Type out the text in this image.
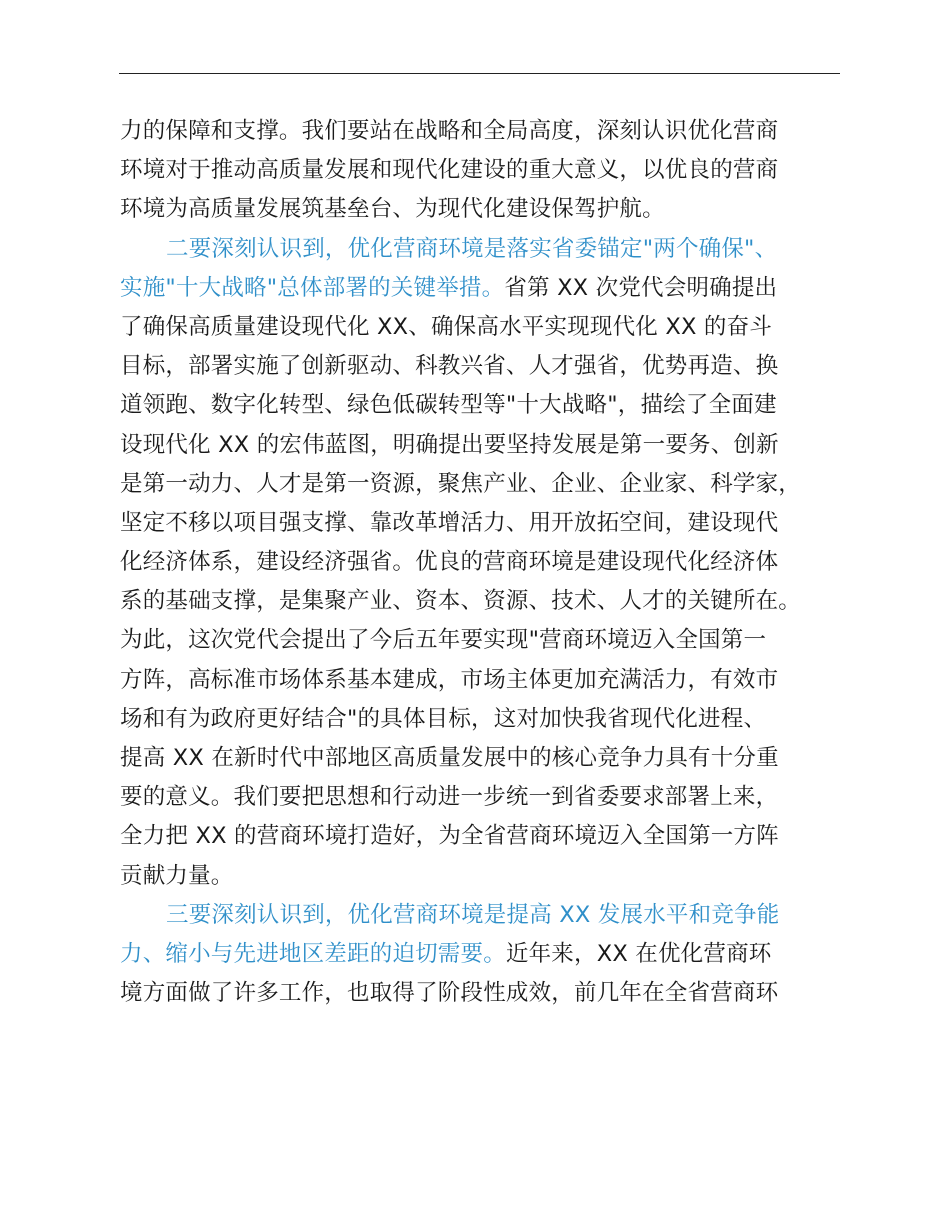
力的保障和支撑。我们要站在战略和全局高度，深刻认识优化营商
环境对于推动高质量发展和现代化建设的重大意义，以优良的营商
环境为高质量发展筑基垒台、为现代化建设保驾护航。
二要深刻认识到，优化营商环境是落实省委锚定"两个确保"、
实施"十大战略"总体部署的关键举措。省第 XX 次党代会明确提出
了确保高质量建设现代化 XX、确保高水平实现现代化 XX 的奋斗
目标，部署实施了创新驱动、科教兴省、人才强省，优势再造、换
道领跑、数字化转型、绿色低碳转型等"十大战略"，描绘了全面建
设现代化 XX 的宏伟蓝图，明确提出要坚持发展是第一要务、创新
是第一动力、人才是第一资源，聚焦产业、企业、企业家、科学家，
坚定不移以项目强支撑、靠改革增活力、用开放拓空间，建设现代
化经济体系，建设经济强省。优良的营商环境是建设现代化经济体
系的基础支撑，是集聚产业、资本、资源、技术、人才的关键所在。
为此，这次党代会提出了今后五年要实现"营商环境迈入全国第一
方阵，高标准市场体系基本建成，市场主体更加充满活力，有效市
场和有为政府更好结合"的具体目标，这对加快我省现代化进程、
提高 XX 在新时代中部地区高质量发展中的核心竞争力具有十分重
要的意义。我们要把思想和行动进一步统一到省委要求部署上来，
全力把 XX 的营商环境打造好，为全省营商环境迈入全国第一方阵
贡献力量。
三要深刻认识到，优化营商环境是提高 XX 发展水平和竞争能
力、缩小与先进地区差距的迫切需要。近年来，XX 在优化营商环
境方面做了许多工作，也取得了阶段性成效，前几年在全省营商环
